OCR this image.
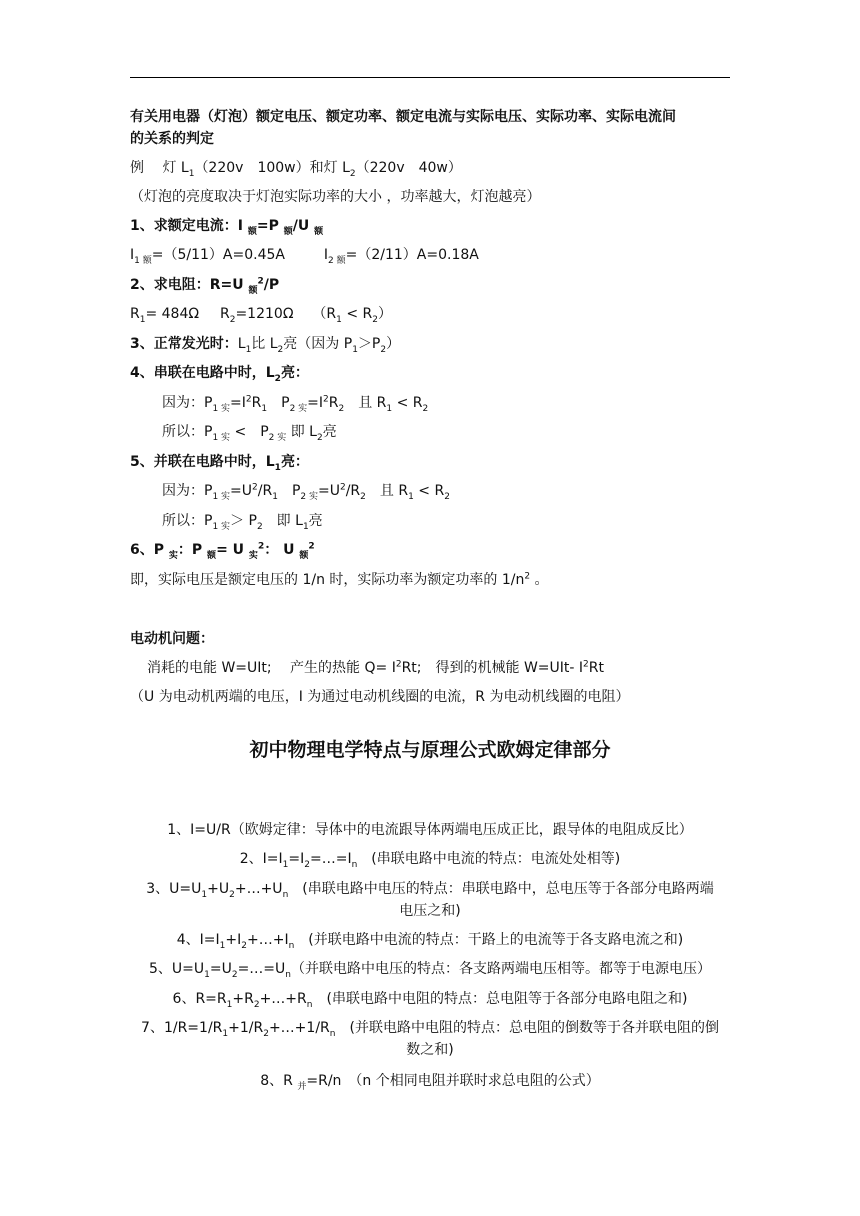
有关用电器（灯泡）额定电压、额定功率、额定电流与实际电压、实际功率、实际电流间
的关系的判定
例　 灯 $L_1(220v$　100w）和灯 $L_2(220v$　40w）
（灯泡的亮度取决于灯泡实际功率的大小 ，功率越大，灯泡越亮）
1、求额定电流：I $_额$=P $_额$/U $_额$
$I_{1 额}=(5/11)A=0.45A$	$I_{2 额}=(2/11)A=0.18A$
2、求电阻：R=U $_额^2$/P
$R_1= 484\Omega$ $R_2=1210\Omega$ $(R_1 < R_2)$
3、正常发光时：$L_1$比 $L_2$亮（因为 $P_1>P_2$）
4、串联在电路中时，$L_2$亮：
因为：$P_{1 实}=I^2R_1$　$P_{2 实}=I^2R_2$　且 $R_1 < R_2$
所以：$P_{1 实}$ <　$P_{2 实}$ 即 $L_2$亮
5、并联在电路中时，$L_1$亮：
因为：$P_{1 实}=U^2/R_1$　$P_{2 实}=U^2/R_2$　且 $R_1 < R_2$
所以：$P_{1 实}> P_2$　即 $L_1$亮
6、P $_实$：P $_额$= U $_实^2$： U $_额^2$
即，实际电压是额定电压的 1/n 时，实际功率为额定功率的 $1/n^2$ 。
电动机问题：
消耗的电能 W=UIt;　 产生的热能 $Q= I^2Rt$;　得到的机械能 W=UIt- $I^2Rt$
（U 为电动机两端的电压，I 为通过电动机线圈的电流，R 为电动机线圈的电阻）
初中物理电学特点与原理公式欧姆定律部分
1、I=U/R（欧姆定律：导体中的电流跟导体两端电压成正比，跟导体的电阻成反比）
2、$I=I_1=I_2=\dots=I_n$　(串联电路中电流的特点：电流处处相等)
3、$U=U_1+U_2+\dots+U_n$　(串联电路中电压的特点：串联电路中，总电压等于各部分电路两端
电压之和)
4、$I=I_1+I_2+\dots+I_n$　(并联电路中电流的特点：干路上的电流等于各支路电流之和)
5、$U=U_1=U_2=\dots=U_n$（并联电路中电压的特点：各支路两端电压相等。都等于电源电压）
6、$R=R_1+R_2+\dots+R_n$　(串联电路中电阻的特点：总电阻等于各部分电路电阻之和)
7、$1/R=1/R_1+1/R_2+\dots+1/R_n$　(并联电路中电阻的特点：总电阻的倒数等于各并联电阻的倒
数之和)
8、R $_并$=R/n　（n 个相同电阻并联时求总电阻的公式）
